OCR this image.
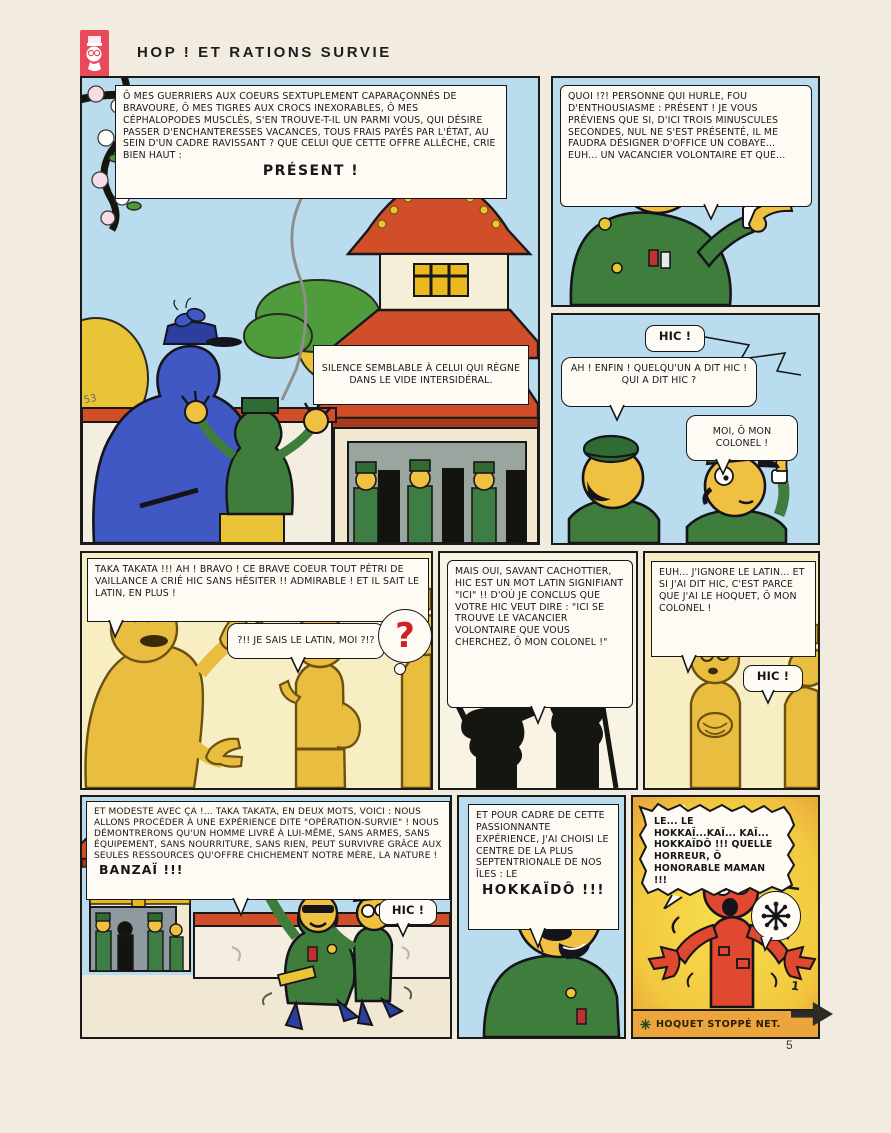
HOP ! ET RATIONS SURVIE
53
Ô MES GUERRIERS AUX COEURS SEXTUPLEMENT CAPARAÇONNÉS DE BRAVOURE, Ô MES TIGRES AUX CROCS INEXORABLES, Ô MES CÉPHALOPODES MUSCLÉS, S'EN TROUVE-T-IL UN PARMI VOUS, QUI DÉSIRE PASSER D'ENCHANTERESSES VACANCES, TOUS FRAIS PAYÉS PAR L'ÉTAT, AU SEIN D'UN CADRE RAVISSANT ? QUE CELUI QUE CETTE OFFRE ALLÈCHE, CRIE BIEN HAUT :
PRÉSENT !
SILENCE SEMBLABLE À CELUI QUI RÈGNE DANS LE VIDE INTERSIDÉRAL.
QUOI !?! PERSONNE QUI HURLE, FOU D'ENTHOUSIASME : PRÉSENT ! JE VOUS PRÉVIENS QUE SI, D'ICI TROIS MINUSCULES SECONDES, NUL NE S'EST PRÉSENTÉ, IL ME FAUDRA DÉSIGNER D'OFFICE UN COBAYE... EUH... UN VACANCIER VOLONTAIRE ET QUE...
HIC !
AH ! ENFIN ! QUELQU'UN A DIT HIC ! QUI A DIT HIC ?
MOI, Ô MON COLONEL !
TAKA TAKATA !!! AH ! BRAVO ! CE BRAVE COEUR TOUT PÉTRI DE VAILLANCE A CRIÉ HIC SANS HÉSITER !! ADMIRABLE ! ET IL SAIT LE LATIN, EN PLUS !
?!! JE SAIS LE LATIN, MOI ?!? ?
MAIS OUI, SAVANT CACHOTTIER, HIC EST UN MOT LATIN SIGNIFIANT "ICI" !! D'OÙ JE CONCLUS QUE VOTRE HIC VEUT DIRE : "ICI SE TROUVE LE VACANCIER VOLONTAIRE QUE VOUS CHERCHEZ, Ô MON COLONEL !"
EUH... J'IGNORE LE LATIN... ET SI J'AI DIT HIC, C'EST PARCE QUE J'AI LE HOQUET, Ô MON COLONEL !
HIC !
ET MODESTE AVEC ÇA !... TAKA TAKATA, EN DEUX MOTS, VOICI : NOUS ALLONS PROCÉDER À UNE EXPÉRIENCE DITE "OPÉRATION-SURVIE" ! NOUS DÉMONTRERONS QU'UN HOMME LIVRÉ À LUI-MÊME, SANS ARMES, SANS ÉQUIPEMENT, SANS NOURRITURE, SANS RIEN, PEUT SURVIVRE GRÂCE AUX SEULES RESSOURCES QU'OFFRE CHICHEMENT NOTRE MÈRE, LA NATURE ! BANZAÏ !!!
HIC !
ET POUR CADRE DE CETTE PASSIONNANTE EXPÉRIENCE, J'AI CHOISI LE CENTRE DE LA PLUS SEPTENTRIONALE DE NOS ÎLES : LE
HOKKAÏDÔ !!!
LE... LE HOKKAÏ...KAÏ... KAÏ... HOKKAÏDÔ !!! QUELLE HORREUR, Ô HONORABLE MAMAN !!!
1
HOQUET STOPPÉ NET.
5
